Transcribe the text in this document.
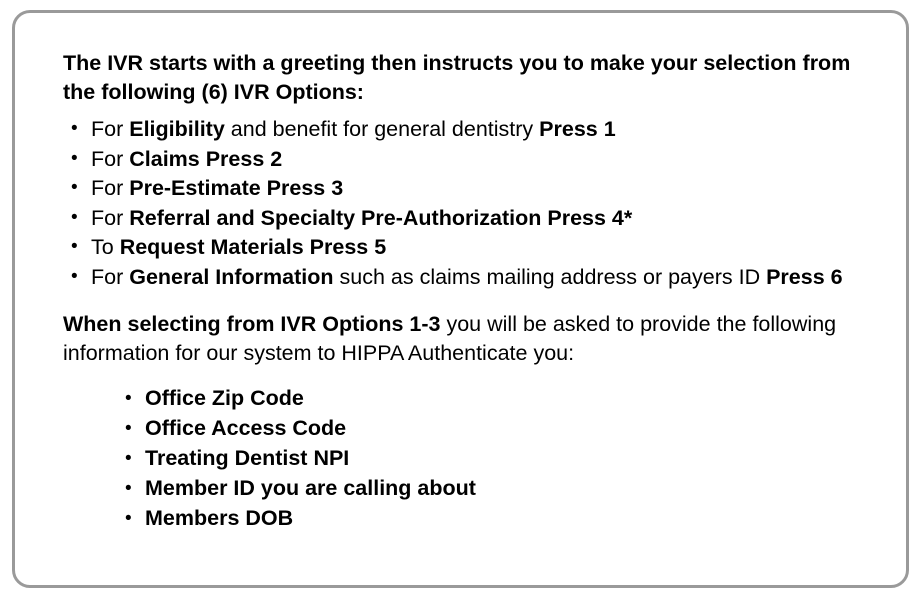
The IVR starts with a greeting then instructs you to make your selection from the following (6) IVR Options:

• For Eligibility and benefit for general dentistry Press 1
• For Claims Press 2
• For Pre-Estimate Press 3
• For Referral and Specialty Pre-Authorization Press 4*
• To Request Materials Press 5
• For General Information such as claims mailing address or payers ID Press 6

When selecting from IVR Options 1-3 you will be asked to provide the following information for our system to HIPPA Authenticate you:

• Office Zip Code
• Office Access Code
• Treating Dentist NPI
• Member ID you are calling about
• Members DOB
